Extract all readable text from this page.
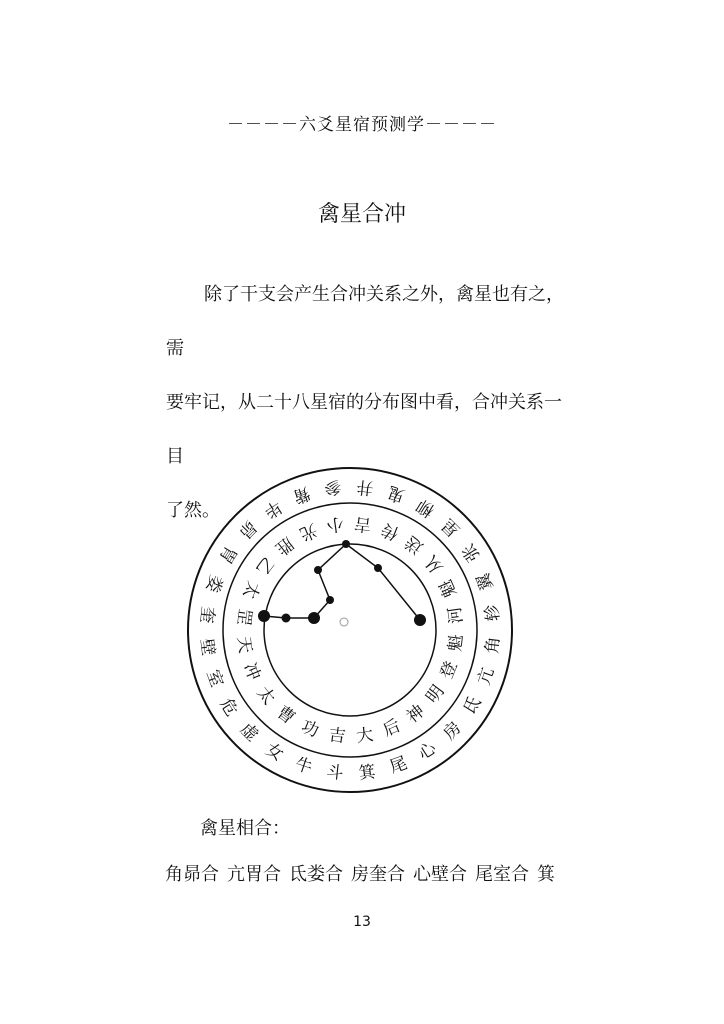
－－－－六爻星宿预测学－－－－
禽星合冲
除了干支会产生合冲关系之外，禽星也有之，需
要牢记，从二十八星宿的分布图中看，合冲关系一目
了然。
井 鬼
柳
星
张
翼
轸
角
亢
氐
房
心
尾
箕
斗
牛
女
虚
危
室
壁
奎
娄
胃
昴
毕
觜 参
小 吉 传
送
从
魁
河
魁
登
明
神
后
大
吉
功
曹
太
冲
天
罡
太
乙
胜
光
禽星相合：
角昴合 亢胃合 氐娄合 房奎合 心壁合 尾室合 箕
13
